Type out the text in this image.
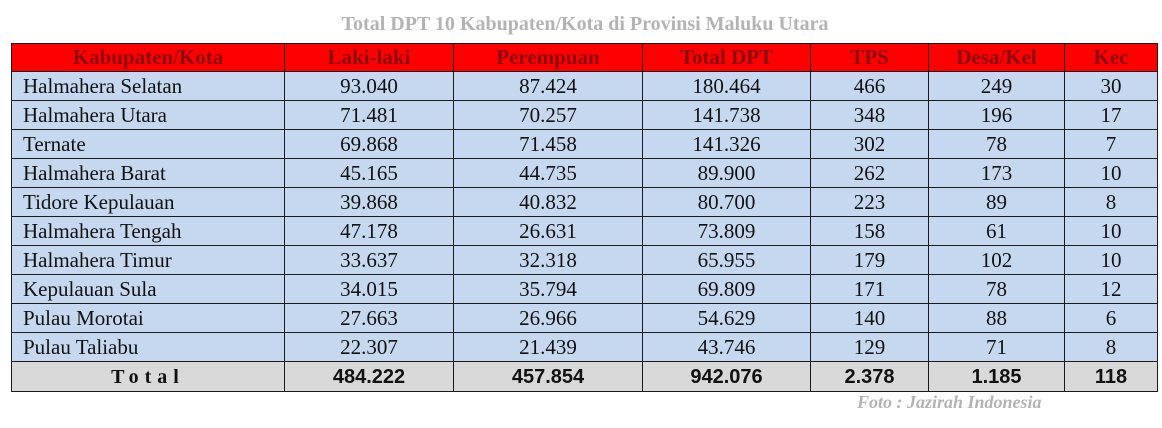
Total DPT 10 Kabupaten/Kota di Provinsi Maluku Utara
Kabupaten/Kota	Laki-laki	Perempuan	Total DPT	TPS	Desa/Kel	Kec
Halmahera Selatan	93.040	87.424	180.464	466	249	30
Halmahera Utara	71.481	70.257	141.738	348	196	17
Ternate	69.868	71.458	141.326	302	78	7
Halmahera Barat	45.165	44.735	89.900	262	173	10
Tidore Kepulauan	39.868	40.832	80.700	223	89	8
Halmahera Tengah	47.178	26.631	73.809	158	61	10
Halmahera Timur	33.637	32.318	65.955	179	102	10
Kepulauan Sula	34.015	35.794	69.809	171	78	12
Pulau Morotai	27.663	26.966	54.629	140	88	6
Pulau Taliabu	22.307	21.439	43.746	129	71	8
Total	484.222	457.854	942.076	2.378	1.185	118
Foto : Jazirah Indonesia
